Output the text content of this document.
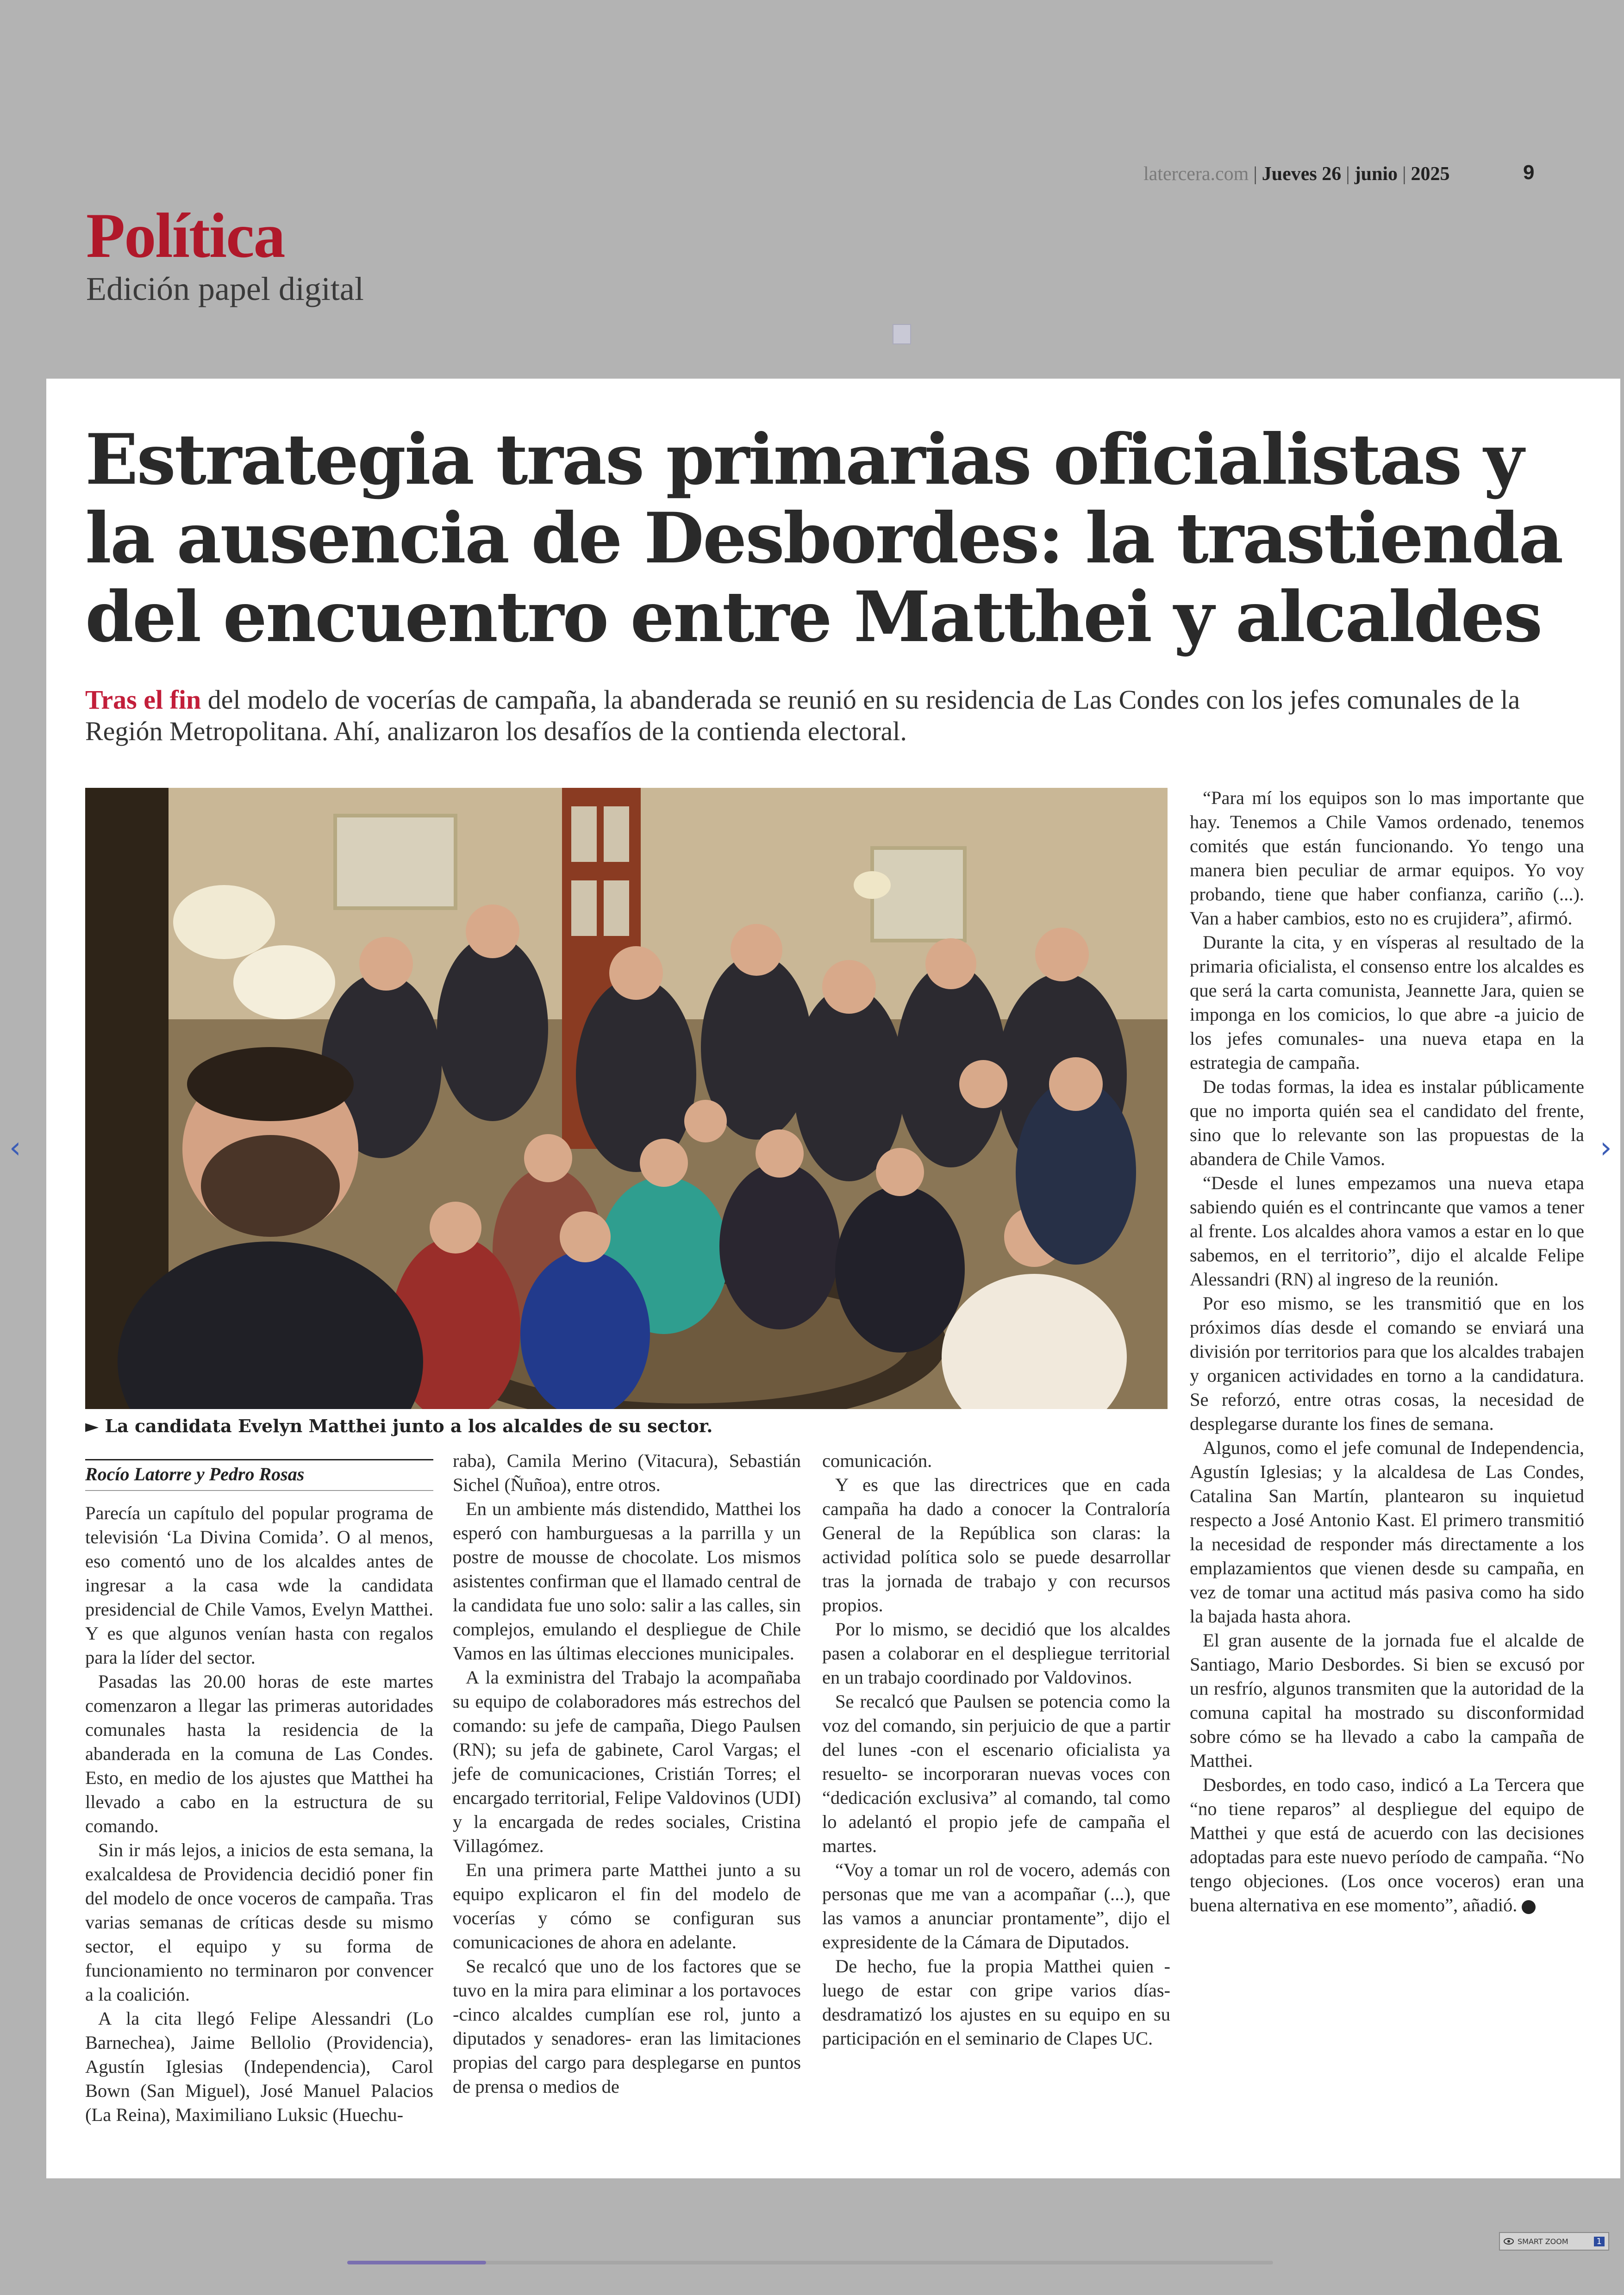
latercera.com | Jueves 26 | junio | 2025	9
Política
Edición papel digital
Estrategia tras primarias oficialistas y la ausencia de Desbordes: la trastienda del encuentro entre Matthei y alcaldes
Tras el fin del modelo de vocerías de campaña, la abanderada se reunió en su residencia de Las Condes con los jefes comunales de la Región Metropolitana. Ahí, analizaron los desafíos de la contienda electoral.
► La candidata Evelyn Matthei junto a los alcaldes de su sector.
Rocío Latorre y Pedro Rosas

Parecía un capítulo del popular programa de televisión ‘La Divina Comida’. O al menos, eso comentó uno de los alcaldes antes de ingresar a la casa wde la candidata presidencial de Chile Vamos, Evelyn Matthei. Y es que algunos venían hasta con regalos para la líder del sector.

Pasadas las 20.00 horas de este martes comenzaron a llegar las primeras autoridades comunales hasta la residencia de la abanderada en la comuna de Las Condes. Esto, en medio de los ajustes que Matthei ha llevado a cabo en la estructura de su comando.

Sin ir más lejos, a inicios de esta semana, la exalcaldesa de Providencia decidió poner fin del modelo de once voceros de campaña. Tras varias semanas de críticas desde su mismo sector, el equipo y su forma de funcionamiento no terminaron por convencer a la coalición.

A la cita llegó Felipe Alessandri (Lo Barnechea), Jaime Bellolio (Providencia), Agustín Iglesias (Independencia), Carol Bown (San Miguel), José Manuel Palacios (La Reina), Maximiliano Luksic (Huechu-

raba), Camila Merino (Vitacura), Sebastián Sichel (Ñuñoa), entre otros.

En un ambiente más distendido, Matthei los esperó con hamburguesas a la parrilla y un postre de mousse de chocolate. Los mismos asistentes confirman que el llamado central de la candidata fue uno solo: salir a las calles, sin complejos, emulando el despliegue de Chile Vamos en las últimas elecciones municipales.

A la exministra del Trabajo la acompañaba su equipo de colaboradores más estrechos del comando: su jefe de campaña, Diego Paulsen (RN); su jefa de gabinete, Carol Vargas; el jefe de comunicaciones, Cristián Torres; el encargado territorial, Felipe Valdovinos (UDI) y la encargada de redes sociales, Cristina Villagómez.

En una primera parte Matthei junto a su equipo explicaron el fin del modelo de vocerías y cómo se configuran sus comunicaciones de ahora en adelante.

Se recalcó que uno de los factores que se tuvo en la mira para eliminar a los portavoces -cinco alcaldes cumplían ese rol, junto a diputados y senadores- eran las limitaciones propias del cargo para desplegarse en puntos de prensa o medios de

comunicación.

Y es que las directrices que en cada campaña ha dado a conocer la Contraloría General de la República son claras: la actividad política solo se puede desarrollar tras la jornada de trabajo y con recursos propios.

Por lo mismo, se decidió que los alcaldes pasen a colaborar en el despliegue territorial en un trabajo coordinado por Valdovinos.

Se recalcó que Paulsen se potencia como la voz del comando, sin perjuicio de que a partir del lunes -con el escenario oficialista ya resuelto- se incorporaran nuevas voces con “dedicación exclusiva” al comando, tal como lo adelantó el propio jefe de campaña el martes.

“Voy a tomar un rol de vocero, además con personas que me van a acompañar (...), que las vamos a anunciar prontamente”, dijo el expresidente de la Cámara de Diputados.

De hecho, fue la propia Matthei quien -luego de estar con gripe varios días- desdramatizó los ajustes en su equipo en su participación en el seminario de Clapes UC.

“Para mí los equipos son lo mas importante que hay. Tenemos a Chile Vamos ordenado, tenemos comités que están funcionando. Yo tengo una manera bien peculiar de armar equipos. Yo voy probando, tiene que haber confianza, cariño (...). Van a haber cambios, esto no es crujidera”, afirmó.

Durante la cita, y en vísperas al resultado de la primaria oficialista, el consenso entre los alcaldes es que será la carta comunista, Jeannette Jara, quien se imponga en los comicios, lo que abre -a juicio de los jefes comunales- una nueva etapa en la estrategia de campaña.

De todas formas, la idea es instalar públicamente que no importa quién sea el candidato del frente, sino que lo relevante son las propuestas de la abandera de Chile Vamos.

“Desde el lunes empezamos una nueva etapa sabiendo quién es el contrincante que vamos a tener al frente. Los alcaldes ahora vamos a estar en lo que sabemos, en el territorio”, dijo el alcalde Felipe Alessandri (RN) al ingreso de la reunión.

Por eso mismo, se les transmitió que en los próximos días desde el comando se enviará una división por territorios para que los alcaldes trabajen y organicen actividades en torno a la candidatura. Se reforzó, entre otras cosas, la necesidad de desplegarse durante los fines de semana.

Algunos, como el jefe comunal de Independencia, Agustín Iglesias; y la alcaldesa de Las Condes, Catalina San Martín, plantearon su inquietud respecto a José Antonio Kast. El primero transmitió la necesidad de responder más directamente a los emplazamientos que vienen desde su campaña, en vez de tomar una actitud más pasiva como ha sido la bajada hasta ahora.

El gran ausente de la jornada fue el alcalde de Santiago, Mario Desbordes. Si bien se excusó por un resfrío, algunos transmiten que la autoridad de la comuna capital ha mostrado su disconformidad sobre cómo se ha llevado a cabo la campaña de Matthei.

Desbordes, en todo caso, indicó a La Tercera que “no tiene reparos” al despliegue del equipo de Matthei y que está de acuerdo con las decisiones adoptadas para este nuevo período de campaña. “No tengo objeciones. (Los once voceros) eran una buena alternativa en ese momento”, añadió.

‹	›
SMART ZOOM	1
